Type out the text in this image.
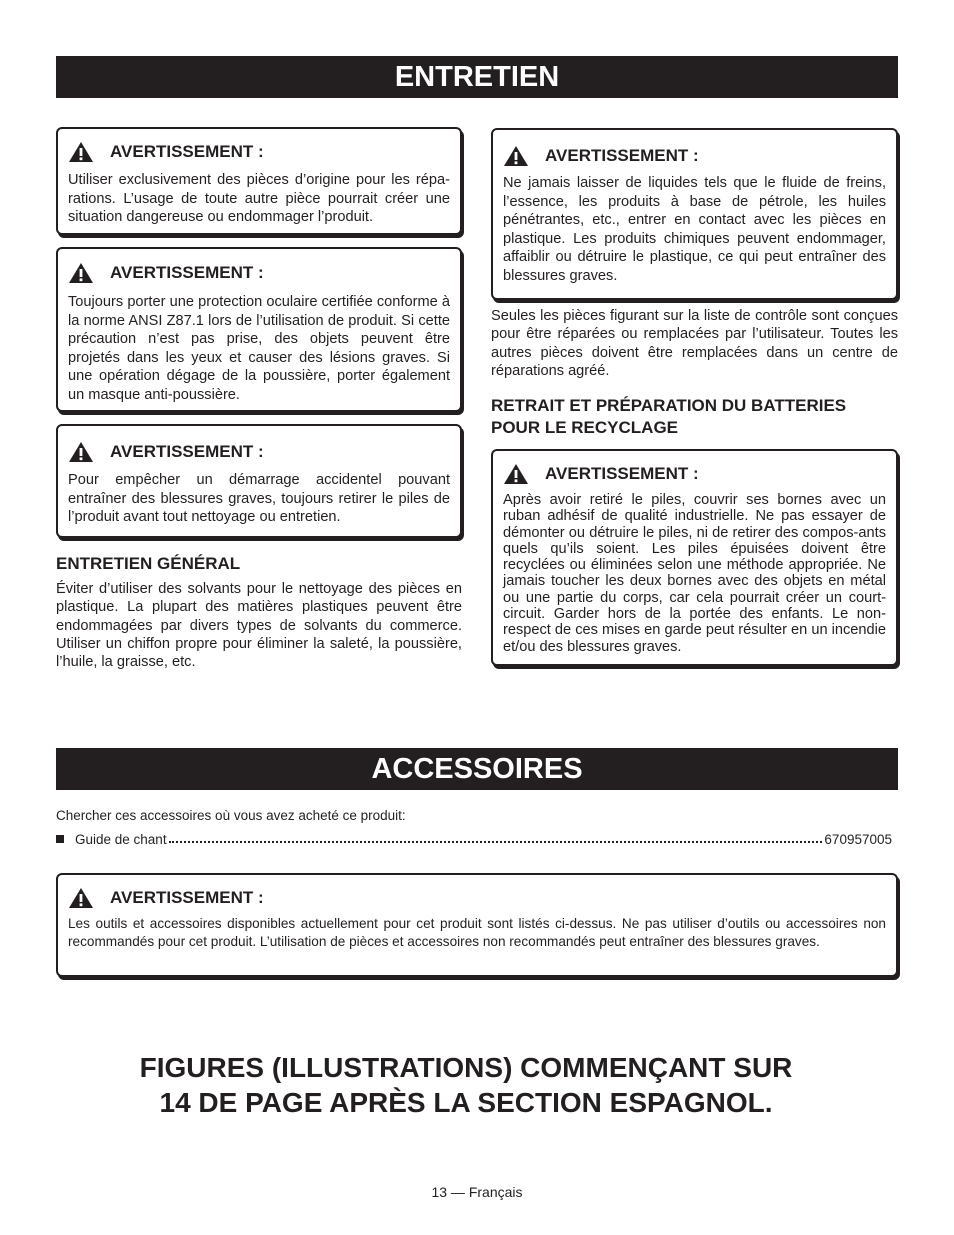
ENTRETIEN
AVERTISSEMENT :
Utiliser exclusivement des pièces d’origine pour les répa-rations. L’usage de toute autre pièce pourrait créer une situation dangereuse ou endommager l’produit.
AVERTISSEMENT :
Toujours porter une protection oculaire certifiée conforme à la norme ANSI Z87.1 lors de l’utilisation de produit. Si cette précaution n’est pas prise, des objets peuvent être projetés dans les yeux et causer des lésions graves. Si une opération dégage de la poussière, porter également un masque anti-poussière.
AVERTISSEMENT :
Pour empêcher un démarrage accidentel pouvant entraîner des blessures graves, toujours retirer le piles de l’produit avant tout nettoyage ou entretien.
ENTRETIEN GÉNÉRAL
Éviter d’utiliser des solvants pour le nettoyage des pièces en plastique. La plupart des matières plastiques peuvent être endommagées par divers types de solvants du commerce. Utiliser un chiffon propre pour éliminer la saleté, la poussière, l’huile, la graisse, etc.
AVERTISSEMENT :
Ne jamais laisser de liquides tels que le fluide de freins, l’essence, les produits à base de pétrole, les huiles pénétrantes, etc., entrer en contact avec les pièces en plastique. Les produits chimiques peuvent endommager, affaiblir ou détruire le plastique, ce qui peut entraîner des blessures graves.
Seules les pièces figurant sur la liste de contrôle sont conçues pour être réparées ou remplacées par l’utilisateur. Toutes les autres pièces doivent être remplacées dans un centre de réparations agréé.
RETRAIT ET PRÉPARATION DU BATTERIES
POUR LE RECYCLAGE
AVERTISSEMENT :
Après avoir retiré le piles, couvrir ses bornes avec un ruban adhésif de qualité industrielle. Ne pas essayer de démonter ou détruire le piles, ni de retirer des compos-ants quels qu’ils soient. Les piles épuisées doivent être recyclées ou éliminées selon une méthode appropriée. Ne jamais toucher les deux bornes avec des objets en métal ou une partie du corps, car cela pourrait créer un court-circuit. Garder hors de la portée des enfants. Le non-respect de ces mises en garde peut résulter en un incendie et/ou des blessures graves.
ACCESSOIRES
Chercher ces accessoires où vous avez acheté ce produit:
Guide de chant	670957005
AVERTISSEMENT :
Les outils et accessoires disponibles actuellement pour cet produit sont listés ci-dessus. Ne pas utiliser d’outils ou accessoires non recommandés pour cet produit. L’utilisation de pièces et accessoires non recommandés peut entraîner des blessures graves.
FIGURES (ILLUSTRATIONS) COMMENÇANT SUR
14 DE PAGE APRÈS LA SECTION ESPAGNOL.
13 — Français
